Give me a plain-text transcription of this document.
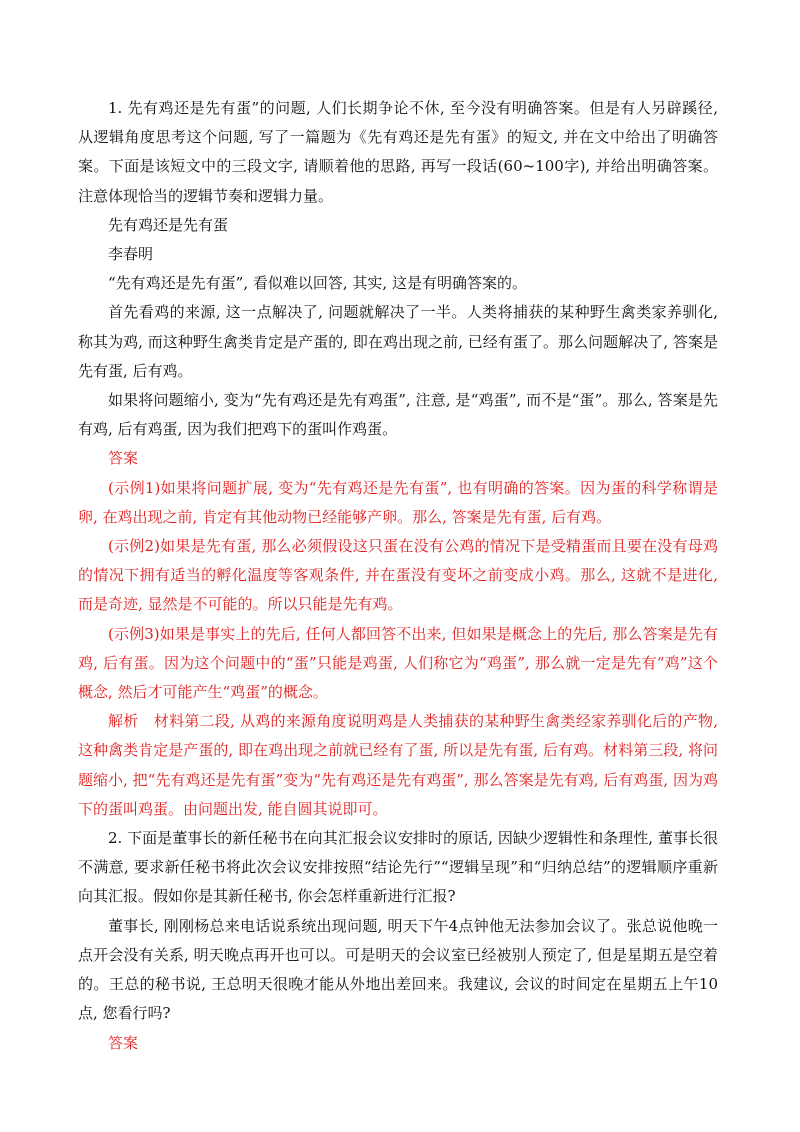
1. 先有鸡还是先有蛋”的问题, 人们长期争论不休, 至今没有明确答案。但是有人另辟蹊径, 从逻辑角度思考这个问题, 写了一篇题为《先有鸡还是先有蛋》的短文, 并在文中给出了明确答案。下面是该短文中的三段文字, 请顺着他的思路, 再写一段话(60~100字), 并给出明确答案。注意体现恰当的逻辑节奏和逻辑力量。

先有鸡还是先有蛋

李春明

“先有鸡还是先有蛋”, 看似难以回答, 其实, 这是有明确答案的。

首先看鸡的来源, 这一点解决了, 问题就解决了一半。人类将捕获的某种野生禽类家养驯化, 称其为鸡, 而这种野生禽类肯定是产蛋的, 即在鸡出现之前, 已经有蛋了。那么问题解决了, 答案是先有蛋, 后有鸡。

如果将问题缩小, 变为“先有鸡还是先有鸡蛋”, 注意, 是“鸡蛋”, 而不是“蛋”。那么, 答案是先有鸡, 后有鸡蛋, 因为我们把鸡下的蛋叫作鸡蛋。

答案

(示例1)如果将问题扩展, 变为“先有鸡还是先有蛋”, 也有明确的答案。因为蛋的科学称谓是卵, 在鸡出现之前, 肯定有其他动物已经能够产卵。那么, 答案是先有蛋, 后有鸡。

(示例2)如果是先有蛋, 那么必须假设这只蛋在没有公鸡的情况下是受精蛋而且要在没有母鸡的情况下拥有适当的孵化温度等客观条件, 并在蛋没有变坏之前变成小鸡。那么, 这就不是进化, 而是奇迹, 显然是不可能的。所以只能是先有鸡。

(示例3)如果是事实上的先后, 任何人都回答不出来, 但如果是概念上的先后, 那么答案是先有鸡, 后有蛋。因为这个问题中的“蛋”只能是鸡蛋, 人们称它为“鸡蛋”, 那么就一定是先有“鸡”这个概念, 然后才可能产生“鸡蛋”的概念。

解析　材料第二段, 从鸡的来源角度说明鸡是人类捕获的某种野生禽类经家养驯化后的产物, 这种禽类肯定是产蛋的, 即在鸡出现之前就已经有了蛋, 所以是先有蛋, 后有鸡。材料第三段, 将问题缩小, 把“先有鸡还是先有蛋”变为“先有鸡还是先有鸡蛋”, 那么答案是先有鸡, 后有鸡蛋, 因为鸡下的蛋叫鸡蛋。由问题出发, 能自圆其说即可。

2. 下面是董事长的新任秘书在向其汇报会议安排时的原话, 因缺少逻辑性和条理性, 董事长很不满意, 要求新任秘书将此次会议安排按照“结论先行”“逻辑呈现”和“归纳总结”的逻辑顺序重新向其汇报。假如你是其新任秘书, 你会怎样重新进行汇报?

董事长, 刚刚杨总来电话说系统出现问题, 明天下午4点钟他无法参加会议了。张总说他晚一点开会没有关系, 明天晚点再开也可以。可是明天的会议室已经被别人预定了, 但是星期五是空着的。王总的秘书说, 王总明天很晚才能从外地出差回来。我建议, 会议的时间定在星期五上午10点, 您看行吗?

答案
